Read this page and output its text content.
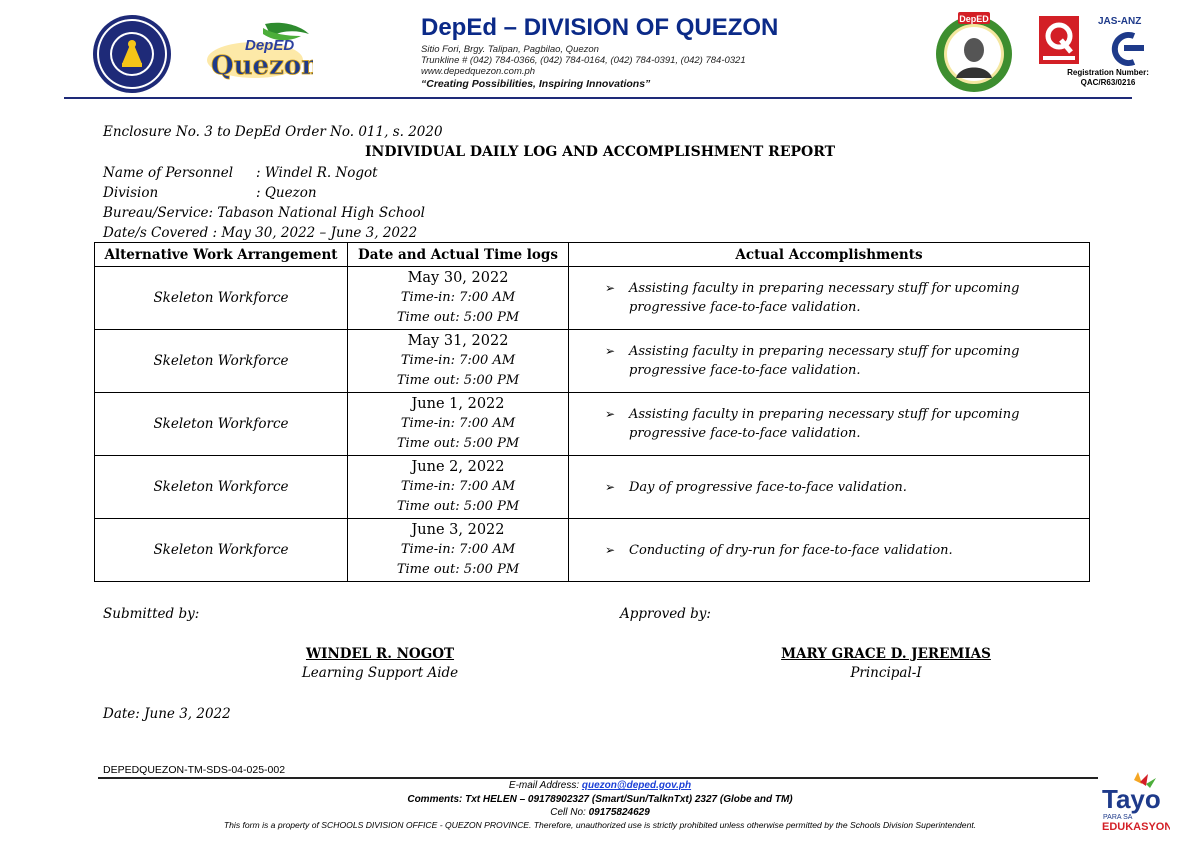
DepED
Quezon
DepEd – DIVISION OF QUEZON
Sitio Fori, Brgy. Talipan, Pagbilao, Quezon
Trunkline # (042) 784-0366, (042) 784-0164, (042) 784-0391, (042) 784-0321
www.depedquezon.com.ph
“Creating Possibilities, Inspiring Innovations”
DepED	JAS-ANZ
Registration Number:
QAC/R63/0216
Enclosure No. 3 to DepEd Order No. 011, s. 2020
INDIVIDUAL DAILY LOG AND ACCOMPLISHMENT REPORT
Name of Personnel : Windel R. Nogot
Division	: Quezon
Bureau/Service: Tabason National High School
Date/s Covered : May 30, 2022 – June 3, 2022
Alternative Work Arrangement	Date and Actual Time logs	Actual Accomplishments
Skeleton Workforce	May 30, 2022
Time-in: 7:00 AM
Time out: 5:00 PM	➢ Assisting faculty in preparing necessary stuff for upcoming progressive face-to-face validation.

Skeleton Workforce	May 31, 2022
Time-in: 7:00 AM
Time out: 5:00 PM	➢ Assisting faculty in preparing necessary stuff for upcoming progressive face-to-face validation.

Skeleton Workforce	June 1, 2022
Time-in: 7:00 AM
Time out: 5:00 PM	➢ Assisting faculty in preparing necessary stuff for upcoming progressive face-to-face validation.

Skeleton Workforce	June 2, 2022
Time-in: 7:00 AM
Time out: 5:00 PM	➢ Day of progressive face-to-face validation.

Skeleton Workforce	June 3, 2022
Time-in: 7:00 AM
Time out: 5:00 PM	➢ Conducting of dry-run for face-to-face validation.
Submitted by:	Approved by:
WINDEL R. NOGOT
Learning Support Aide
MARY GRACE D. JEREMIAS
Principal-I
Date: June 3, 2022
DEPEDQUEZON-TM-SDS-04-025-002
E-mail Address: quezon@deped.gov.ph
Comments: Txt HELEN – 09178902327 (Smart/Sun/TalknTxt) 2327 (Globe and TM)
Cell No: 09175824629
This form is a property of SCHOOLS DIVISION OFFICE - QUEZON PROVINCE. Therefore, unauthorized use is strictly prohibited unless otherwise permitted by the Schools Division Superintendent.
Tayo
PARA SA
EDUKASYON
